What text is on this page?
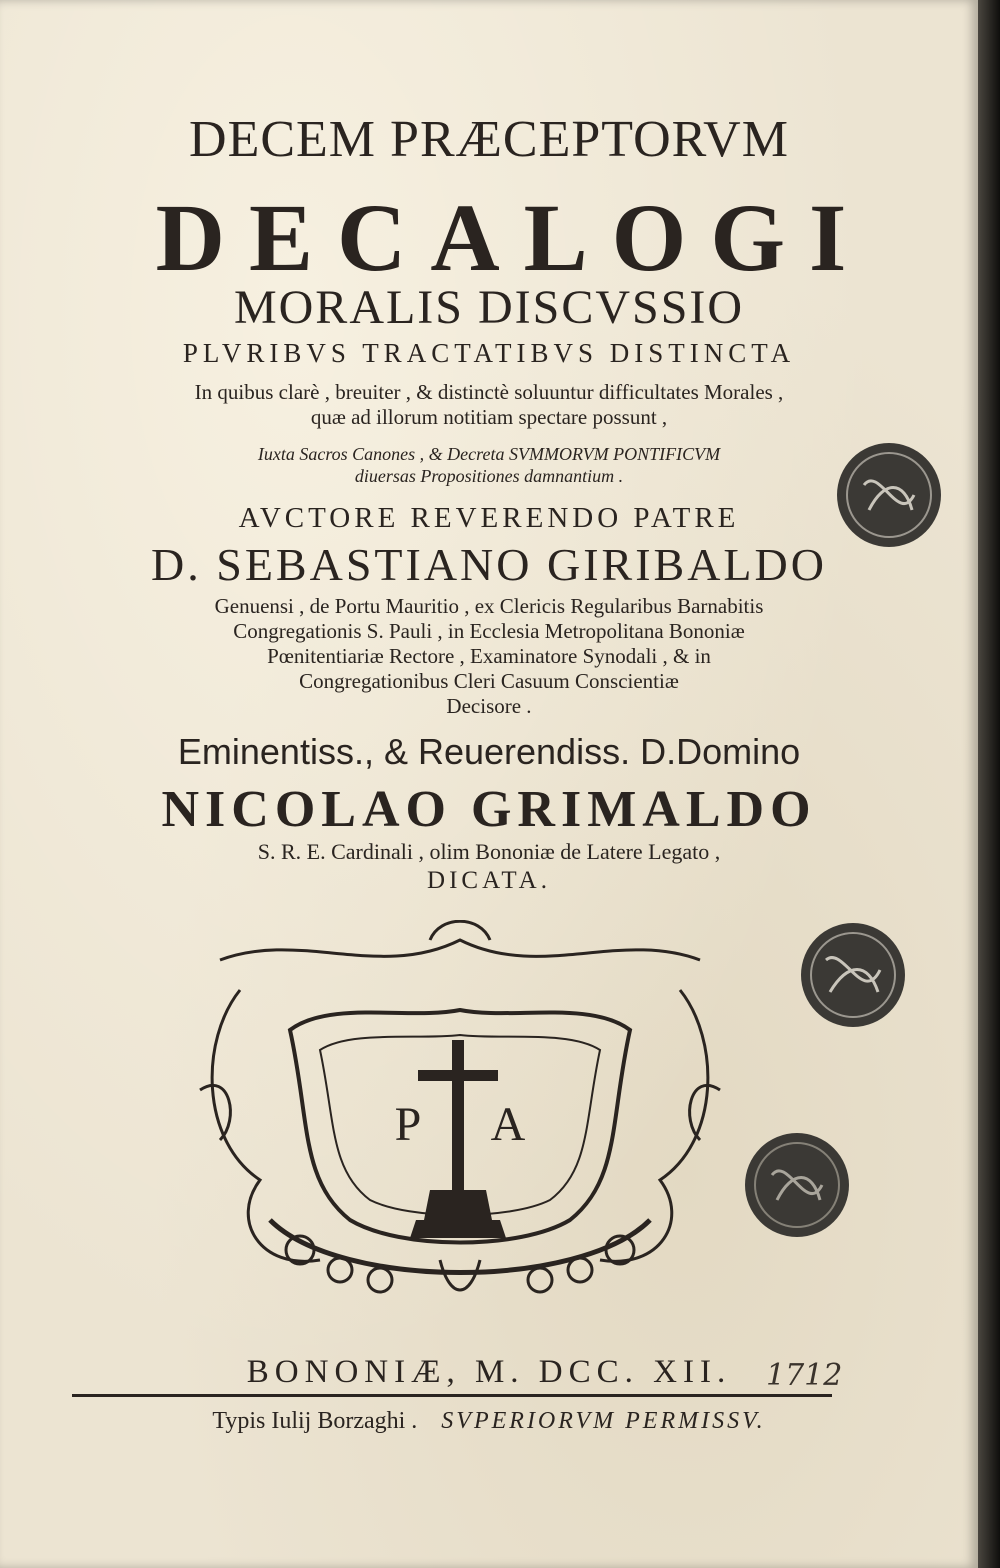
DECEM PRÆCEPTORVM
DECALOGI
MORALIS DISCVSSIO
PLVRIBVS TRACTATIBVS DISTINCTA
In quibus clarè , breuiter , & distinctè soluuntur difficultates Morales ,
quæ ad illorum notitiam spectare possunt ,
Iuxta Sacros Canones , & Decreta SVMMORVM PONTIFICVM
diuersas Propositiones damnantium .
AVCTORE REVERENDO PATRE
D. SEBASTIANO GIRIBALDO
Genuensi , de Portu Mauritio , ex Clericis Regularibus Barnabitis
Congregationis S. Pauli , in Ecclesia Metropolitana Bononiæ
Pœnitentiariæ Rectore , Examinatore Synodali , & in
Congregationibus Cleri Casuum Conscientiæ
Decisore .
Eminentiss., & Reuerendiss. D.Domino
NICOLAO GRIMALDO
S. R. E. Cardinali , olim Bononiæ de Latere Legato ,
DICATA.
P A
BONONIÆ, M. DCC. XII.	1712
Typis Iulij Borzaghi . SVPERIORVM PERMISSV.
